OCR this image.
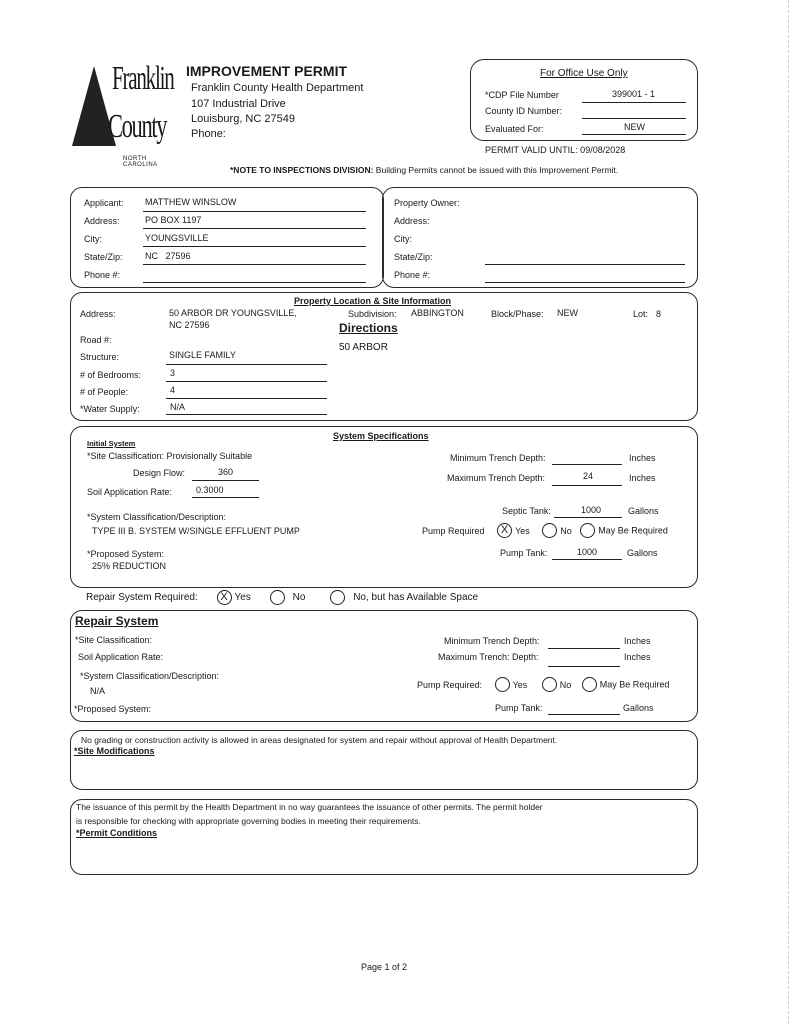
Franklin
County
NORTH CAROLINA
IMPROVEMENT PERMIT
Franklin County Health Department
107 Industrial Drive
Louisburg, NC 27549
Phone:
For Office Use Only
*CDP File Number	399001 - 1
County ID Number:
Evaluated For:	NEW
PERMIT VALID UNTIL: 09/08/2028
*NOTE TO INSPECTIONS DIVISION: Building Permits cannot be issued with this Improvement Permit.
Applicant: MATTHEW WINSLOW
Address:	PO BOX 1197
City:	YOUNGSVILLE
State/Zip: NC   27596
Phone #:
Property Owner:
Address:
City:
State/Zip:
Phone #:
Property Location & Site Information
Address:	50 ARBOR DR YOUNGSVILLE,
NC 27596
Subdivision: ABBINGTON	Block/Phase: NEW	Lot: 8
Directions
50 ARBOR
Road #:
Structure:	SINGLE FAMILY
# of Bedrooms:	3
# of People:	4
*Water Supply:	N/A
Initial System
System Specifications
*Site Classification: Provisionally Suitable
Design Flow:	360
Soil Application Rate:	0.3000
*System Classification/Description:
TYPE III B. SYSTEM W/SINGLE EFFLUENT PUMP
*Proposed System:
25% REDUCTION
Minimum Trench Depth:	Inches
Maximum Trench Depth:	24	Inches
Septic Tank:	1000	Gallons
Pump Required X Yes	No	May Be Required
Pump Tank:	1000	Gallons
Repair System Required: X Yes	No	No, but has Available Space
Repair System
*Site Classification:
Soil Application Rate:
*System Classification/Description:
N/A
*Proposed System:
Minimum Trench Depth:	Inches
Maximum Trench: Depth:	Inches
Pump Required:	Yes	No	May Be Required
Pump Tank:	Gallons
No grading or construction activity is allowed in areas designated for system and repair without approval of Health Department.
*Site Modifications
The issuance of this permit by the Health Department in no way guarantees the issuance of other permits. The permit holder
is responsible for checking with appropriate governing bodies in meeting their requirements.
*Permit Conditions
Page 1 of 2
